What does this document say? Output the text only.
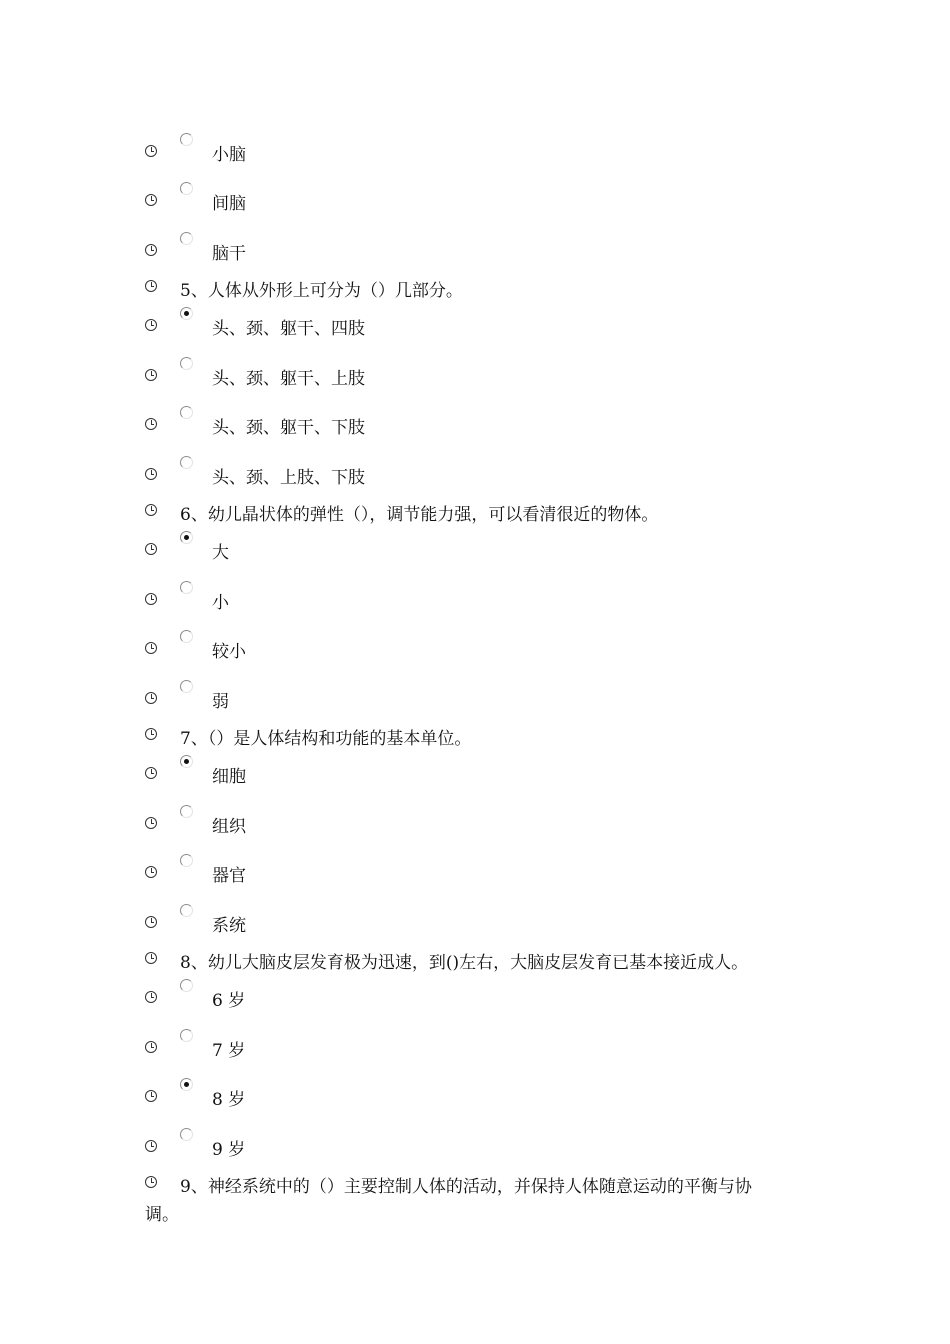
小脑
间脑
脑干
5、人体从外形上可分为（）几部分。
头、颈、躯干、四肢
头、颈、躯干、上肢
头、颈、躯干、下肢
头、颈、上肢、下肢
6、幼儿晶状体的弹性（），调节能力强，可以看清很近的物体。
大
小
较小
弱
7、（）是人体结构和功能的基本单位。
细胞
组织
器官
系统
8、幼儿大脑皮层发育极为迅速，到()左右，大脑皮层发育已基本接近成人。
6 岁
7 岁
8 岁
9 岁
9、神经系统中的（）主要控制人体的活动，并保持人体随意运动的平衡与协
调。
